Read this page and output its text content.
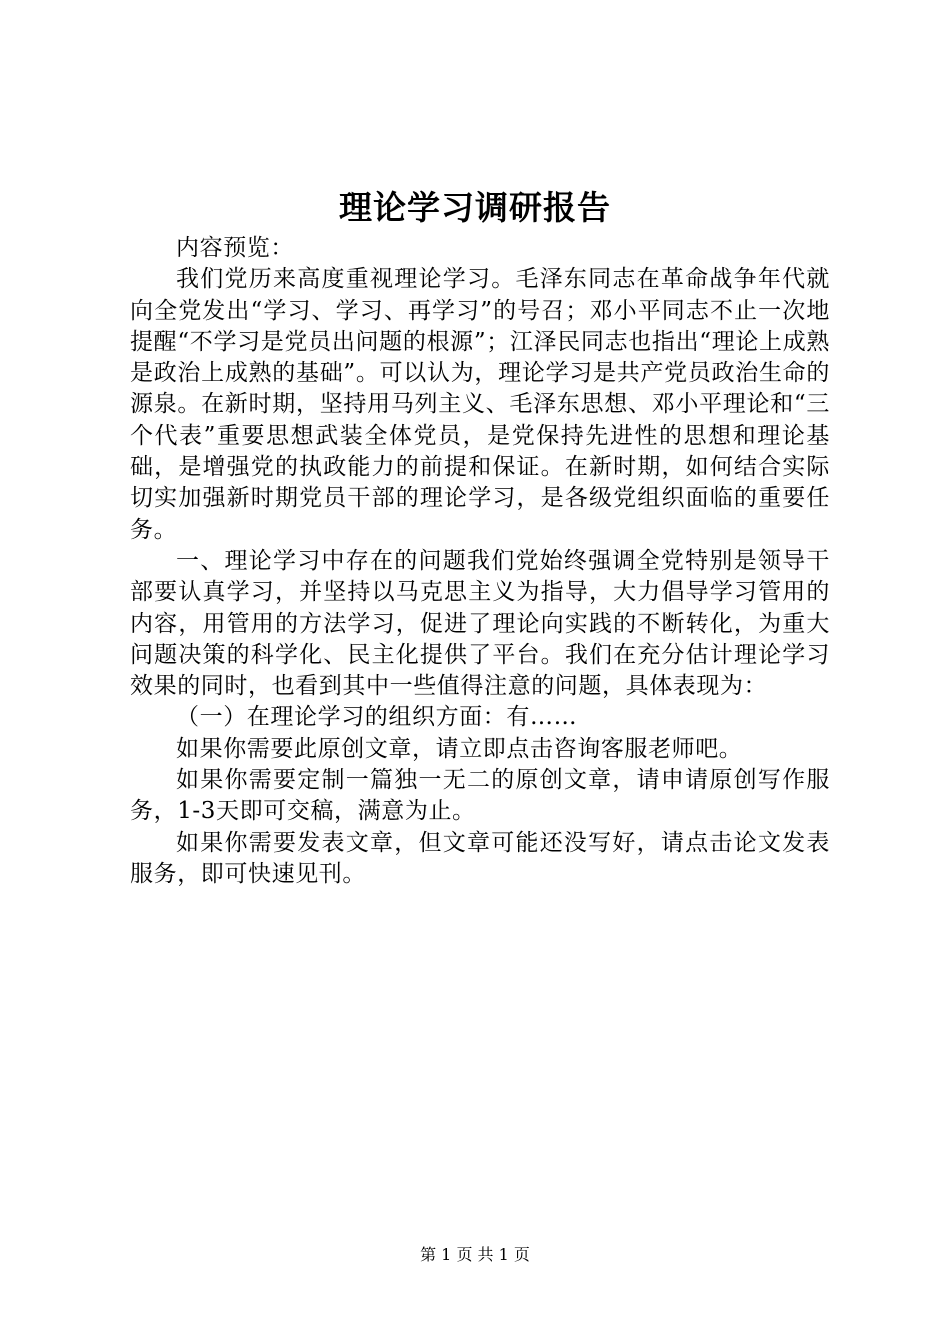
理论学习调研报告

内容预览：

我们党历来高度重视理论学习。毛泽东同志在革命战争年代就向全党发出“学习、学习、再学习”的号召；邓小平同志不止一次地提醒“不学习是党员出问题的根源”；江泽民同志也指出“理论上成熟是政治上成熟的基础”。可以认为，理论学习是共产党员政治生命的源泉。在新时期，坚持用马列主义、毛泽东思想、邓小平理论和“三个代表”重要思想武装全体党员，是党保持先进性的思想和理论基础，是增强党的执政能力的前提和保证。在新时期，如何结合实际切实加强新时期党员干部的理论学习，是各级党组织面临的重要任务。

一、理论学习中存在的问题我们党始终强调全党特别是领导干部要认真学习，并坚持以马克思主义为指导，大力倡导学习管用的内容，用管用的方法学习，促进了理论向实践的不断转化，为重大问题决策的科学化、民主化提供了平台。我们在充分估计理论学习效果的同时，也看到其中一些值得注意的问题，具体表现为：

（一）在理论学习的组织方面：有……

如果你需要此原创文章，请立即点击咨询客服老师吧。

如果你需要定制一篇独一无二的原创文章，请申请原创写作服务，1-3天即可交稿，满意为止。

如果你需要发表文章，但文章可能还没写好，请点击论文发表服务，即可快速见刊。

第 1 页 共 1 页
